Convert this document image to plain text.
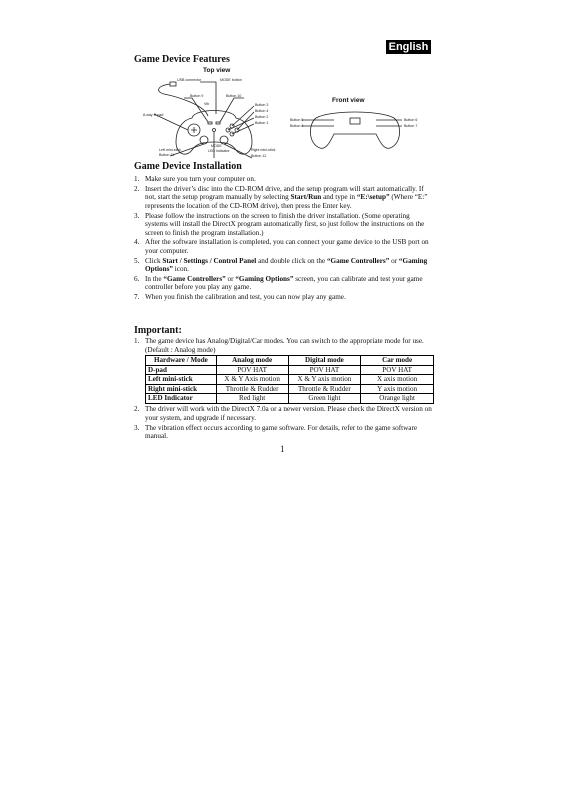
English
Game Device Features
Top view
USB connector	MODE button
Button 9	Button 10
Vib	Button 3
Button 4
8-way D-pad	Button 2
Button 1
MODE
Left mini-stick	LED indicator	Right mini-stick
Button 11	Button 12
Front view
Button 5
Button 8
Button 6
Button 7
Game Device Installation
1. Make sure you turn your computer on.
2. Insert the driver’s disc into the CD-ROM drive, and the setup program will start automatically. If not, start the setup program manually by selecting Start/Run and type in “E:\setup” (Where “E:” represents the location of the CD-ROM drive), then press the Enter key.
3. Please follow the instructions on the screen to finish the driver installation. (Some operating systems will install the DirectX program automatically first, so just follow the instructions on the screen to finish the program installation.)
4. After the software installation is completed, you can connect your game device to the USB port on your computer.
5. Click Start / Settings / Control Panel and double click on the “Game Controllers” or “Gaming Options” icon.
6. In the “Game Controllers” or “Gaming Options” screen, you can calibrate and test your game controller before you play any game.
7. When you finish the calibration and test, you can now play any game.
Important:
1. The game device has Analog/Digital/Car modes. You can switch to the appropriate mode for use. (Default : Analog mode)
Hardware / Mode	Analog mode	Digital mode	Car mode
D-pad	POV HAT	POV HAT	POV HAT
Left mini-stick	X & Y Axis motion	X & Y axis motion	X axis motion
Right mini-stick	Throttle & Rudder	Throttle & Rudder	Y axis motion
LED Indicator	Red light	Green light	Orange light
2. The driver will work with the DirectX 7.0a or a newer version. Please check the DirectX version on your system, and upgrade if necessary.
3. The vibration effect occurs according to game software. For details, refer to the game software manual.
1
